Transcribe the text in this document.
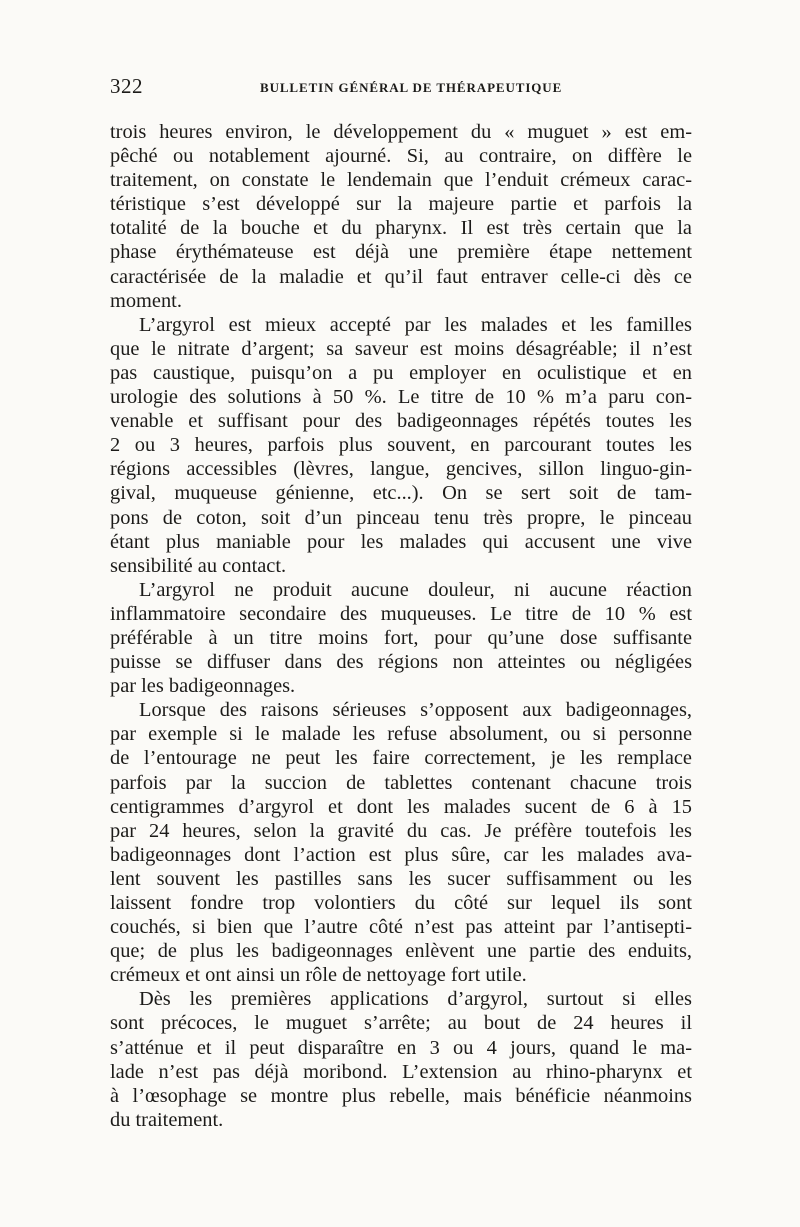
322	BULLETIN GÉNÉRAL DE THÉRAPEUTIQUE

trois heures environ, le développement du « muguet » est em-
pêché ou notablement ajourné. Si, au contraire, on diffère le
traitement, on constate le lendemain que l’enduit crémeux carac-
téristique s’est développé sur la majeure partie et parfois la
totalité de la bouche et du pharynx. Il est très certain que la
phase érythémateuse est déjà une première étape nettement
caractérisée de la maladie et qu’il faut entraver celle-ci dès ce
moment.

L’argyrol est mieux accepté par les malades et les familles
que le nitrate d’argent; sa saveur est moins désagréable; il n’est
pas caustique, puisqu’on a pu employer en oculistique et en
urologie des solutions à 50 %. Le titre de 10 % m’a paru con-
venable et suffisant pour des badigeonnages répétés toutes les
2 ou 3 heures, parfois plus souvent, en parcourant toutes les
régions accessibles (lèvres, langue, gencives, sillon linguo-gin-
gival, muqueuse génienne, etc...). On se sert soit de tam-
pons de coton, soit d’un pinceau tenu très propre, le pinceau
étant plus maniable pour les malades qui accusent une vive
sensibilité au contact.

L’argyrol ne produit aucune douleur, ni aucune réaction
inflammatoire secondaire des muqueuses. Le titre de 10 % est
préférable à un titre moins fort, pour qu’une dose suffisante
puisse se diffuser dans des régions non atteintes ou négligées
par les badigeonnages.

Lorsque des raisons sérieuses s’opposent aux badigeonnages,
par exemple si le malade les refuse absolument, ou si personne
de l’entourage ne peut les faire correctement, je les remplace
parfois par la succion de tablettes contenant chacune trois
centigrammes d’argyrol et dont les malades sucent de 6 à 15
par 24 heures, selon la gravité du cas. Je préfère toutefois les
badigeonnages dont l’action est plus sûre, car les malades ava-
lent souvent les pastilles sans les sucer suffisamment ou les
laissent fondre trop volontiers du côté sur lequel ils sont
couchés, si bien que l’autre côté n’est pas atteint par l’antisepti-
que; de plus les badigeonnages enlèvent une partie des enduits,
crémeux et ont ainsi un rôle de nettoyage fort utile.

Dès les premières applications d’argyrol, surtout si elles
sont précoces, le muguet s’arrête; au bout de 24 heures il
s’atténue et il peut disparaître en 3 ou 4 jours, quand le ma-
lade n’est pas déjà moribond. L’extension au rhino-pharynx et
à l’œsophage se montre plus rebelle, mais bénéficie néanmoins
du traitement.
